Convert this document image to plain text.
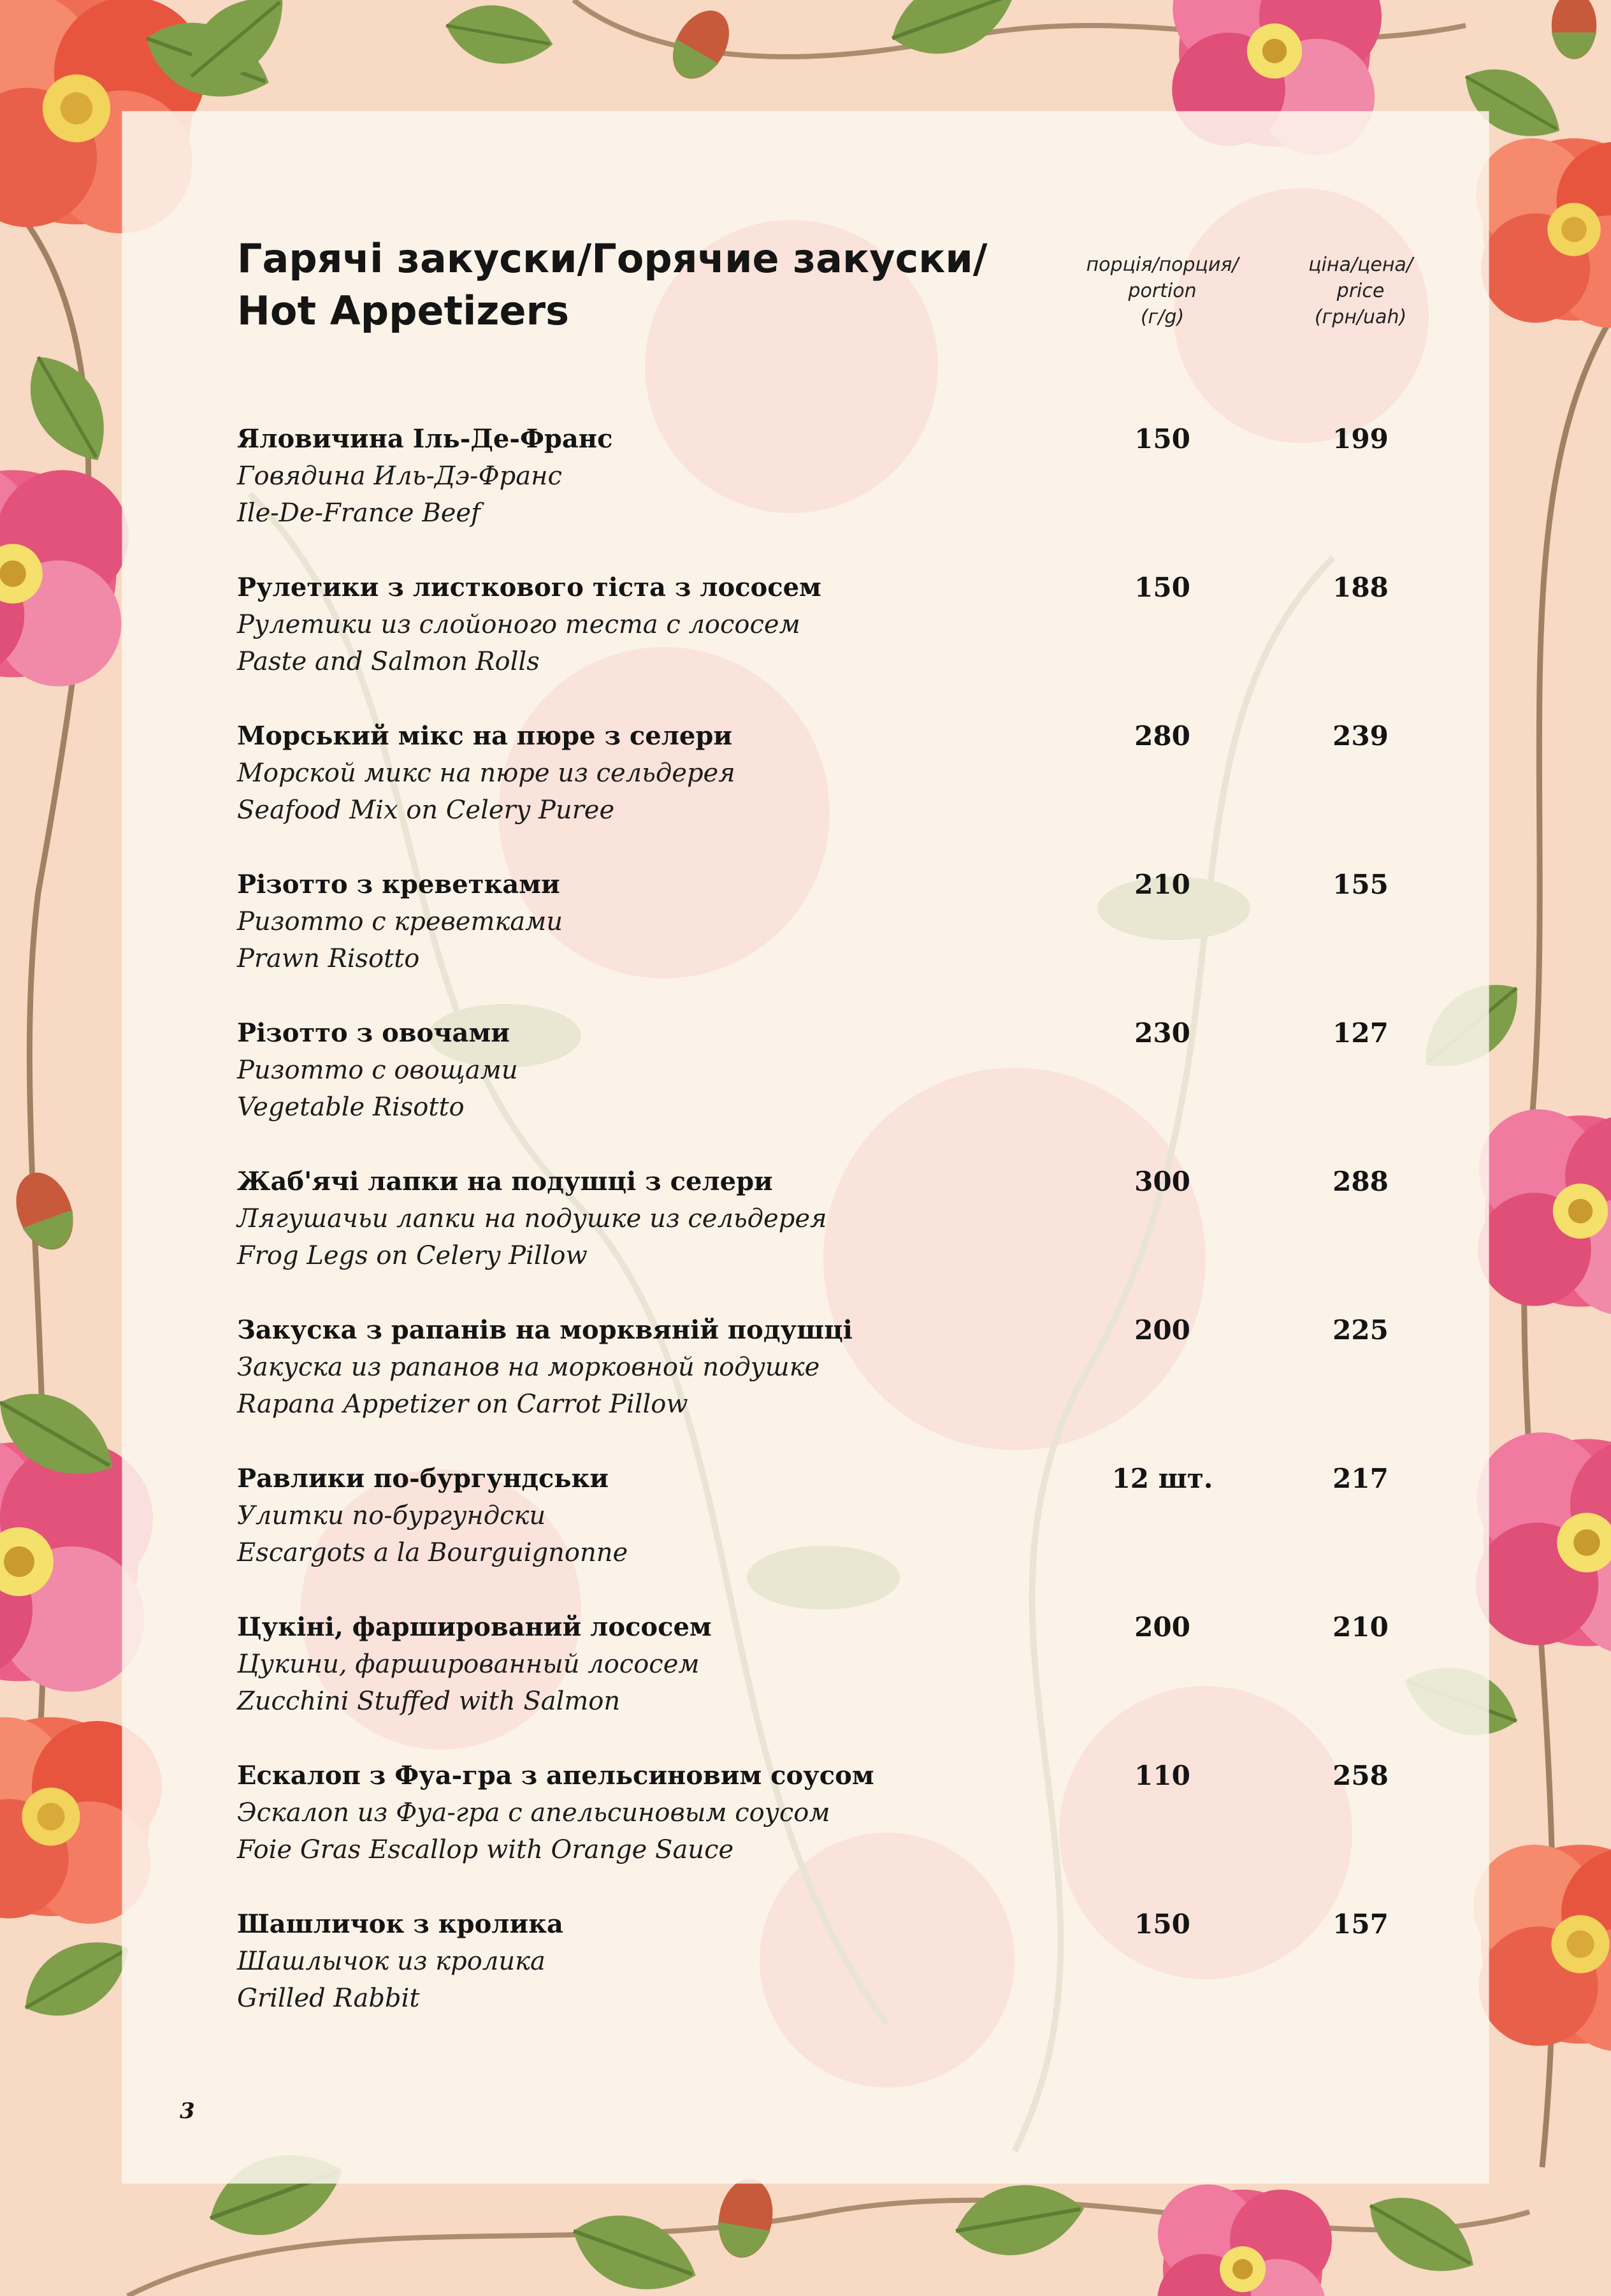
Гарячі закуски/Горячие закуски/
Hot Appetizers
порція/порция/
portion
(г/g)
ціна/цена/
price
(грн/uah)
Яловичина Іль-Де-Франс
Говядина Иль-Дэ-Франс
Ile-De-France Beef
150	199
Рулетики з листкового тіста з лососем
Рулетики из слойоного теста с лососем
Paste and Salmon Rolls
150	188
Морський мікс на пюре з селери
Морской микс на пюре из сельдерея
Seafood Mix on Celery Puree
280	239
Різотто з креветками
Ризотто с креветками
Prawn Risotto
210	155
Різотто з овочами
Ризотто с овощами
Vegetable Risotto
230	127
Жаб'ячі лапки на подушці з селери
Лягушачьи лапки на подушке из сельдерея
Frog Legs on Celery Pillow
300	288
Закуска з рапанів на морквяній подушці
Закуска из рапанов на морковной подушке
Rapana Appetizer on Carrot Pillow
200	225
Равлики по-бургундськи
Улитки по-бургундски
Escargots a la Bourguignonne
12 шт.	217
Цукіні, фарширований лососем
Цукини, фаршированный лососем
Zucchini Stuffed with Salmon
200	210
Ескалоп з Фуа-гра з апельсиновим соусом
Эскалоп из Фуа-гра с апельсиновым соусом
Foie Gras Escallop with Orange Sauce
110	258
Шашличок з кролика
Шашлычок из кролика
Grilled Rabbit
150	157
3
